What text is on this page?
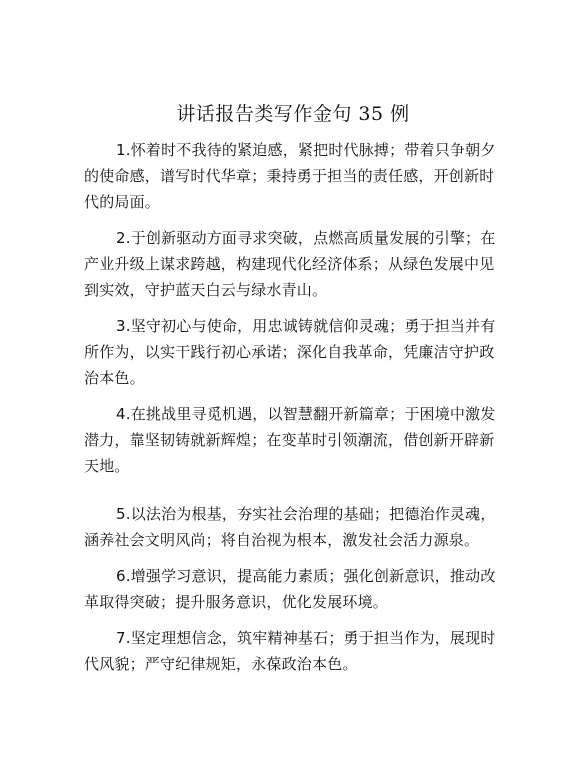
讲话报告类写作金句 35 例

1.怀着时不我待的紧迫感，紧把时代脉搏；带着只争朝夕的使命感，谱写时代华章；秉持勇于担当的责任感，开创新时代的局面。

2.于创新驱动方面寻求突破，点燃高质量发展的引擎；在产业升级上谋求跨越，构建现代化经济体系；从绿色发展中见到实效，守护蓝天白云与绿水青山。

3.坚守初心与使命，用忠诚铸就信仰灵魂；勇于担当并有所作为，以实干践行初心承诺；深化自我革命，凭廉洁守护政治本色。

4.在挑战里寻觅机遇，以智慧翻开新篇章；于困境中激发潜力，靠坚韧铸就新辉煌；在变革时引领潮流，借创新开辟新天地。

5.以法治为根基，夯实社会治理的基础；把德治作灵魂，涵养社会文明风尚；将自治视为根本，激发社会活力源泉。

6.增强学习意识，提高能力素质；强化创新意识，推动改革取得突破；提升服务意识，优化发展环境。

7.坚定理想信念，筑牢精神基石；勇于担当作为，展现时代风貌；严守纪律规矩，永葆政治本色。
